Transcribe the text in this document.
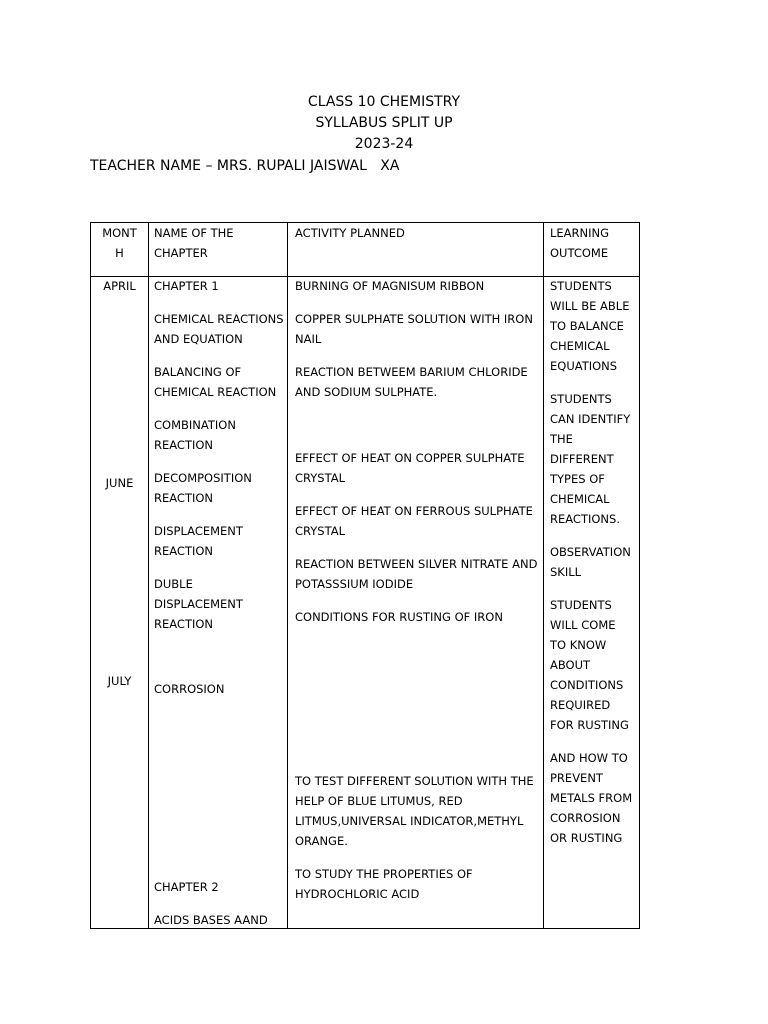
CLASS 10 CHEMISTRY
SYLLABUS SPLIT UP
2023-24
TEACHER NAME – MRS. RUPALI JAISWAL   XA
MONT
H
NAME OF THE
CHAPTER
ACTIVITY PLANNED	LEARNING
OUTCOME
APRIL
JUNE
JULY
CHAPTER 1
CHEMICAL REACTIONS
AND EQUATION
BALANCING OF
CHEMICAL REACTION
COMBINATION
REACTION
DECOMPOSITION
REACTION
DISPLACEMENT
REACTION
DUBLE
DISPLACEMENT
REACTION
CORROSION
CHAPTER 2
ACIDS BASES AAND
BURNING OF MAGNISUM RIBBON
COPPER SULPHATE SOLUTION WITH IRON
NAIL
REACTION BETWEEM BARIUM CHLORIDE
AND SODIUM SULPHATE.
EFFECT OF HEAT ON COPPER SULPHATE
CRYSTAL
EFFECT OF HEAT ON FERROUS SULPHATE
CRYSTAL
REACTION BETWEEN SILVER NITRATE AND
POTASSSIUM IODIDE
CONDITIONS FOR RUSTING OF IRON
TO TEST DIFFERENT SOLUTION WITH THE
HELP OF BLUE LITUMUS, RED
LITMUS,UNIVERSAL INDICATOR,METHYL
ORANGE.
TO STUDY THE PROPERTIES OF
HYDROCHLORIC ACID
STUDENTS
WILL BE ABLE
TO BALANCE
CHEMICAL
EQUATIONS
STUDENTS
CAN IDENTIFY
THE
DIFFERENT
TYPES OF
CHEMICAL
REACTIONS.
OBSERVATION
SKILL
STUDENTS
WILL COME
TO KNOW
ABOUT
CONDITIONS
REQUIRED
FOR RUSTING
AND HOW TO
PREVENT
METALS FROM
CORROSION
OR RUSTING
